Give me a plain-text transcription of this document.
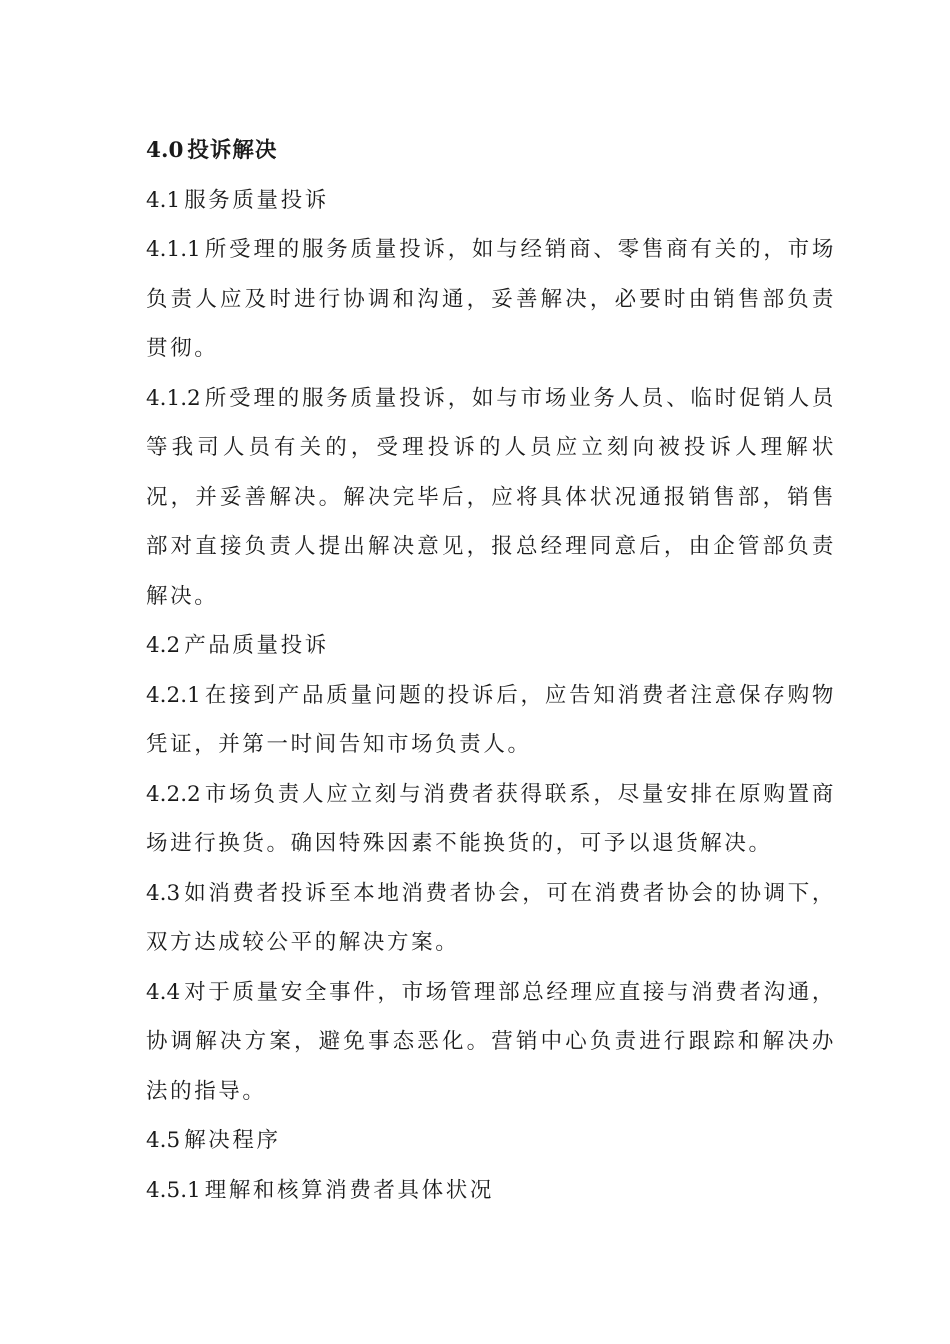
4.0 投诉解决

4.1 服务质量投诉

4.1.1 所受理的服务质量投诉，如与经销商、零售商有关的，市场负责人应及时进行协调和沟通，妥善解决，必要时由销售部负责贯彻。

4.1.2 所受理的服务质量投诉，如与市场业务人员、临时促销人员等我司人员有关的，受理投诉的人员应立刻向被投诉人理解状况，并妥善解决。解决完毕后，应将具体状况通报销售部，销售部对直接负责人提出解决意见，报总经理同意后，由企管部负责解决。

4.2 产品质量投诉

4.2.1 在接到产品质量问题的投诉后，应告知消费者注意保存购物凭证，并第一时间告知市场负责人。

4.2.2 市场负责人应立刻与消费者获得联系，尽量安排在原购置商场进行换货。确因特殊因素不能换货的，可予以退货解决。

4.3 如消费者投诉至本地消费者协会，可在消费者协会的协调下，双方达成较公平的解决方案。

4.4 对于质量安全事件，市场管理部总经理应直接与消费者沟通，协调解决方案，避免事态恶化。营销中心负责进行跟踪和解决办法的指导。

4.5 解决程序

4.5.1 理解和核算消费者具体状况
